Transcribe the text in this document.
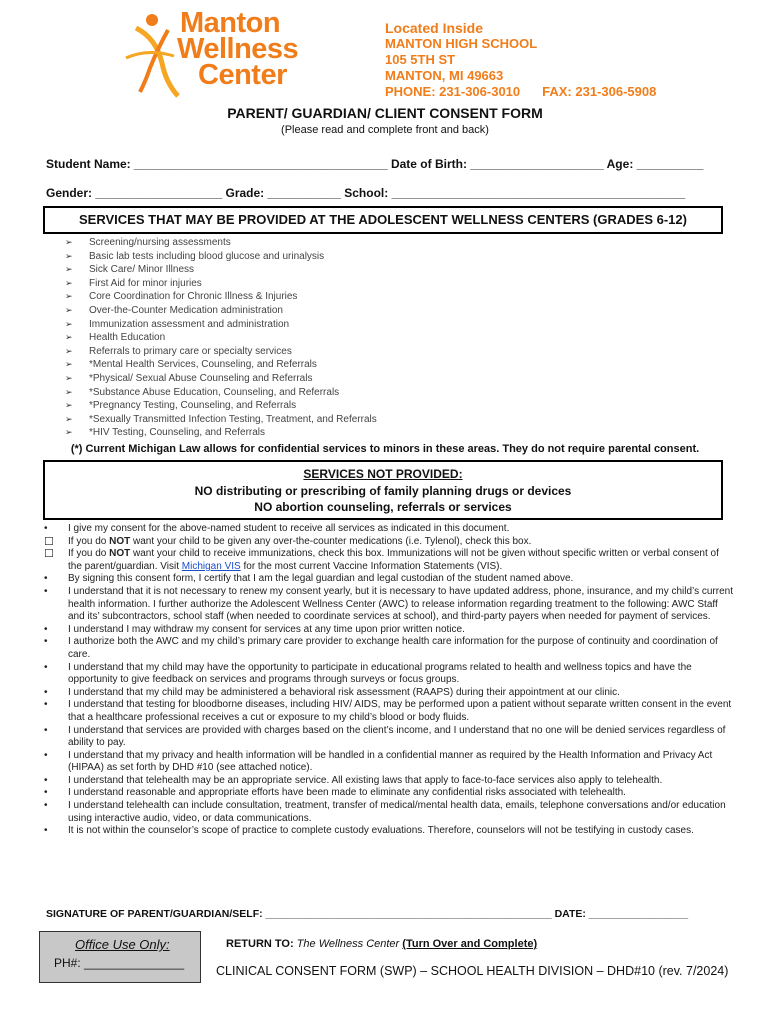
Manton
Wellness
Center
Located Inside
MANTON HIGH SCHOOL
105 5TH ST
MANTON, MI 49663
PHONE: 231-306-3010 FAX: 231-306-5908
PARENT/ GUARDIAN/ CLIENT CONSENT FORM
(Please read and complete front and back)
Student Name: ______________________________________ Date of Birth: ____________________ Age: __________
Gender: ___________________ Grade: ___________ School: ____________________________________________
SERVICES THAT MAY BE PROVIDED AT THE ADOLESCENT WELLNESS CENTERS (GRADES 6-12)
➢ Screening/nursing assessments
➢ Basic lab tests including blood glucose and urinalysis
➢ Sick Care/ Minor Illness
➢ First Aid for minor injuries
➢ Core Coordination for Chronic Illness & Injuries
➢ Over-the-Counter Medication administration
➢ Immunization assessment and administration
➢ Health Education
➢ Referrals to primary care or specialty services
➢ *Mental Health Services, Counseling, and Referrals
➢ *Physical/ Sexual Abuse Counseling and Referrals
➢ *Substance Abuse Education, Counseling, and Referrals
➢ *Pregnancy Testing, Counseling, and Referrals
➢ *Sexually Transmitted Infection Testing, Treatment, and Referrals
➢ *HIV Testing, Counseling, and Referrals
(*) Current Michigan Law allows for confidential services to minors in these areas. They do not require parental consent.
SERVICES NOT PROVIDED:
NO distributing or prescribing of family planning drugs or devices
NO abortion counseling, referrals or services
•	I give my consent for the above-named student to receive all services as indicated in this document.
☐	If you do NOT want your child to be given any over-the-counter medications (i.e. Tylenol), check this box.
☐	If you do NOT want your child to receive immunizations, check this box. Immunizations will not be given without specific written or verbal consent of the parent/guardian. Visit Michigan VIS for the most current Vaccine Information Statements (VIS).
•	By signing this consent form, I certify that I am the legal guardian and legal custodian of the student named above.
•	I understand that it is not necessary to renew my consent yearly, but it is necessary to have updated address, phone, insurance, and my child’s current health information. I further authorize the Adolescent Wellness Center (AWC) to release information regarding treatment to the following: AWC Staff and its’ subcontractors, school staff (when needed to coordinate services at school), and third-party payers when needed for payment of services.
•	I understand I may withdraw my consent for services at any time upon prior written notice.
•	I authorize both the AWC and my child’s primary care provider to exchange health care information for the purpose of continuity and coordination of care.
•	I understand that my child may have the opportunity to participate in educational programs related to health and wellness topics and have the opportunity to give feedback on services and programs through surveys or focus groups.
•	I understand that my child may be administered a behavioral risk assessment (RAAPS) during their appointment at our clinic.
•	I understand that testing for bloodborne diseases, including HIV/ AIDS, may be performed upon a patient without separate written consent in the event that a healthcare professional receives a cut or exposure to my child’s blood or body fluids.
•	I understand that services are provided with charges based on the client’s income, and I understand that no one will be denied services regardless of ability to pay.
•	I understand that my privacy and health information will be handled in a confidential manner as required by the Health Information and Privacy Act (HIPAA) as set forth by DHD #10 (see attached notice).
•	I understand that telehealth may be an appropriate service. All existing laws that apply to face-to-face services also apply to telehealth.
•	I understand reasonable and appropriate efforts have been made to eliminate any confidential risks associated with telehealth.
•	I understand telehealth can include consultation, treatment, transfer of medical/mental health data, emails, telephone conversations and/or education using interactive audio, video, or data communications.
•	It is not within the counselor’s scope of practice to complete custody evaluations. Therefore, counselors will not be testifying in custody cases.
SIGNATURE OF PARENT/GUARDIAN/SELF: _________________________________________________ DATE: _________________
Office Use Only:
PH#: _______________
RETURN TO: The Wellness Center (Turn Over and Complete)
CLINICAL CONSENT FORM (SWP) – SCHOOL HEALTH DIVISION – DHD#10 (rev. 7/2024)
